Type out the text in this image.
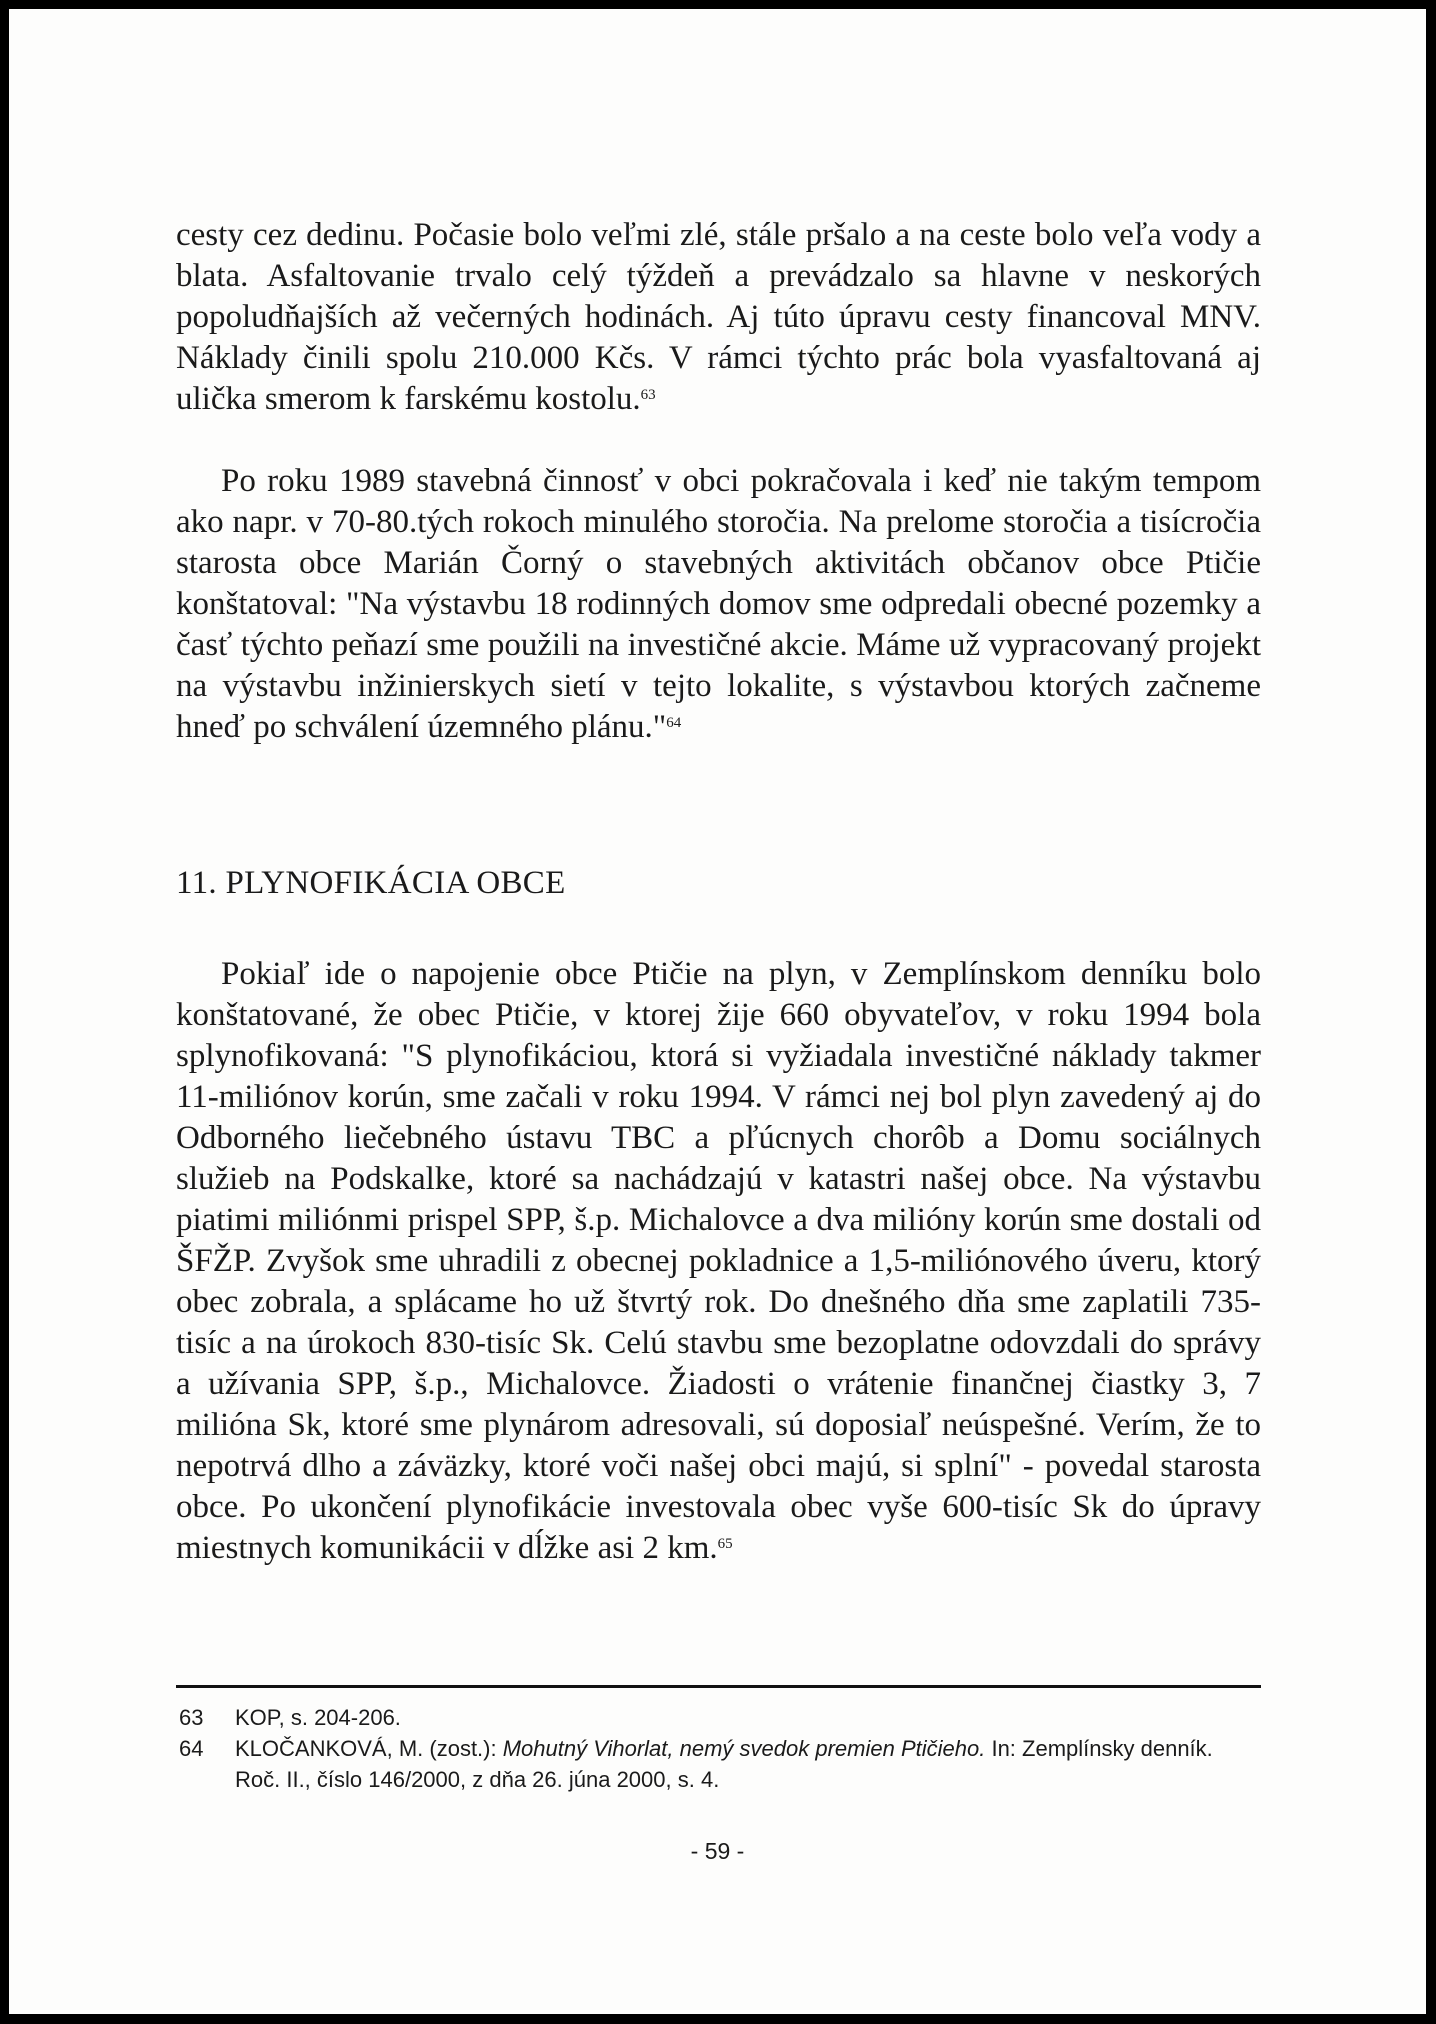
cesty cez dedinu. Počasie bolo veľmi zlé, stále pršalo a na ceste bolo veľa vody a blata. Asfaltovanie trvalo celý týždeň a prevádzalo sa hlavne v neskorých popoludňajších až večerných hodinách. Aj túto úpravu cesty financoval MNV. Náklady činili spolu 210.000 Kčs. V rámci týchto prác bola vyasfaltovaná aj ulička smerom k farskému kostolu.$^{63}$

Po roku 1989 stavebná činnosť v obci pokračovala i keď nie takým tempom ako napr. v 70-80.tých rokoch minulého storočia. Na prelome storočia a tisícročia starosta obce Marián Čorný o stavebných aktivitách občanov obce Ptičie konštatoval: "Na výstavbu 18 rodinných domov sme odpredali obecné pozemky a časť týchto peňazí sme použili na investičné akcie. Máme už vypracovaný projekt na výstavbu inžinierskych sietí v tejto lokalite, s výstavbou ktorých začneme hneď po schválení územného plánu."$^{64}$

11. PLYNOFIKÁCIA OBCE

Pokiaľ ide o napojenie obce Ptičie na plyn, v Zemplínskom denníku bolo konštatované, že obec Ptičie, v ktorej žije 660 obyvateľov, v roku 1994 bola splynofikovaná: "S plynofikáciou, ktorá si vyžiadala investičné náklady takmer 11-miliónov korún, sme začali v roku 1994. V rámci nej bol plyn zavedený aj do Odborného liečebného ústavu TBC a pľúcnych chorôb a Domu sociálnych služieb na Podskalke, ktoré sa nachádzajú v katastri našej obce. Na výstavbu piatimi miliónmi prispel SPP, š.p. Michalovce a dva milióny korún sme dostali od ŠFŽP. Zvyšok sme uhradili z obecnej pokladnice a 1,5-miliónového úveru, ktorý obec zobrala, a splácame ho už štvrtý rok. Do dnešného dňa sme zaplatili 735-tisíc a na úrokoch 830-tisíc Sk. Celú stavbu sme bezoplatne odovzdali do správy a užívania SPP, š.p., Michalovce. Žiadosti o vrátenie finančnej čiastky 3, 7 milióna Sk, ktoré sme plynárom adresovali, sú doposiaľ neúspešné. Verím, že to nepotrvá dlho a záväzky, ktoré voči našej obci majú, si splní" - povedal starosta obce. Po ukončení plynofikácie investovala obec vyše 600-tisíc Sk do úpravy miestnych komunikácii v dĺžke asi 2 km.$^{65}$

63	KOP, s. 204-206.
64	KLOČANKOVÁ, M. (zost.): Mohutný Vihorlat, nemý svedok premien Ptičieho. In: Zemplínsky denník. Roč. II., číslo 146/2000, z dňa 26. júna 2000, s. 4.
- 59 -
